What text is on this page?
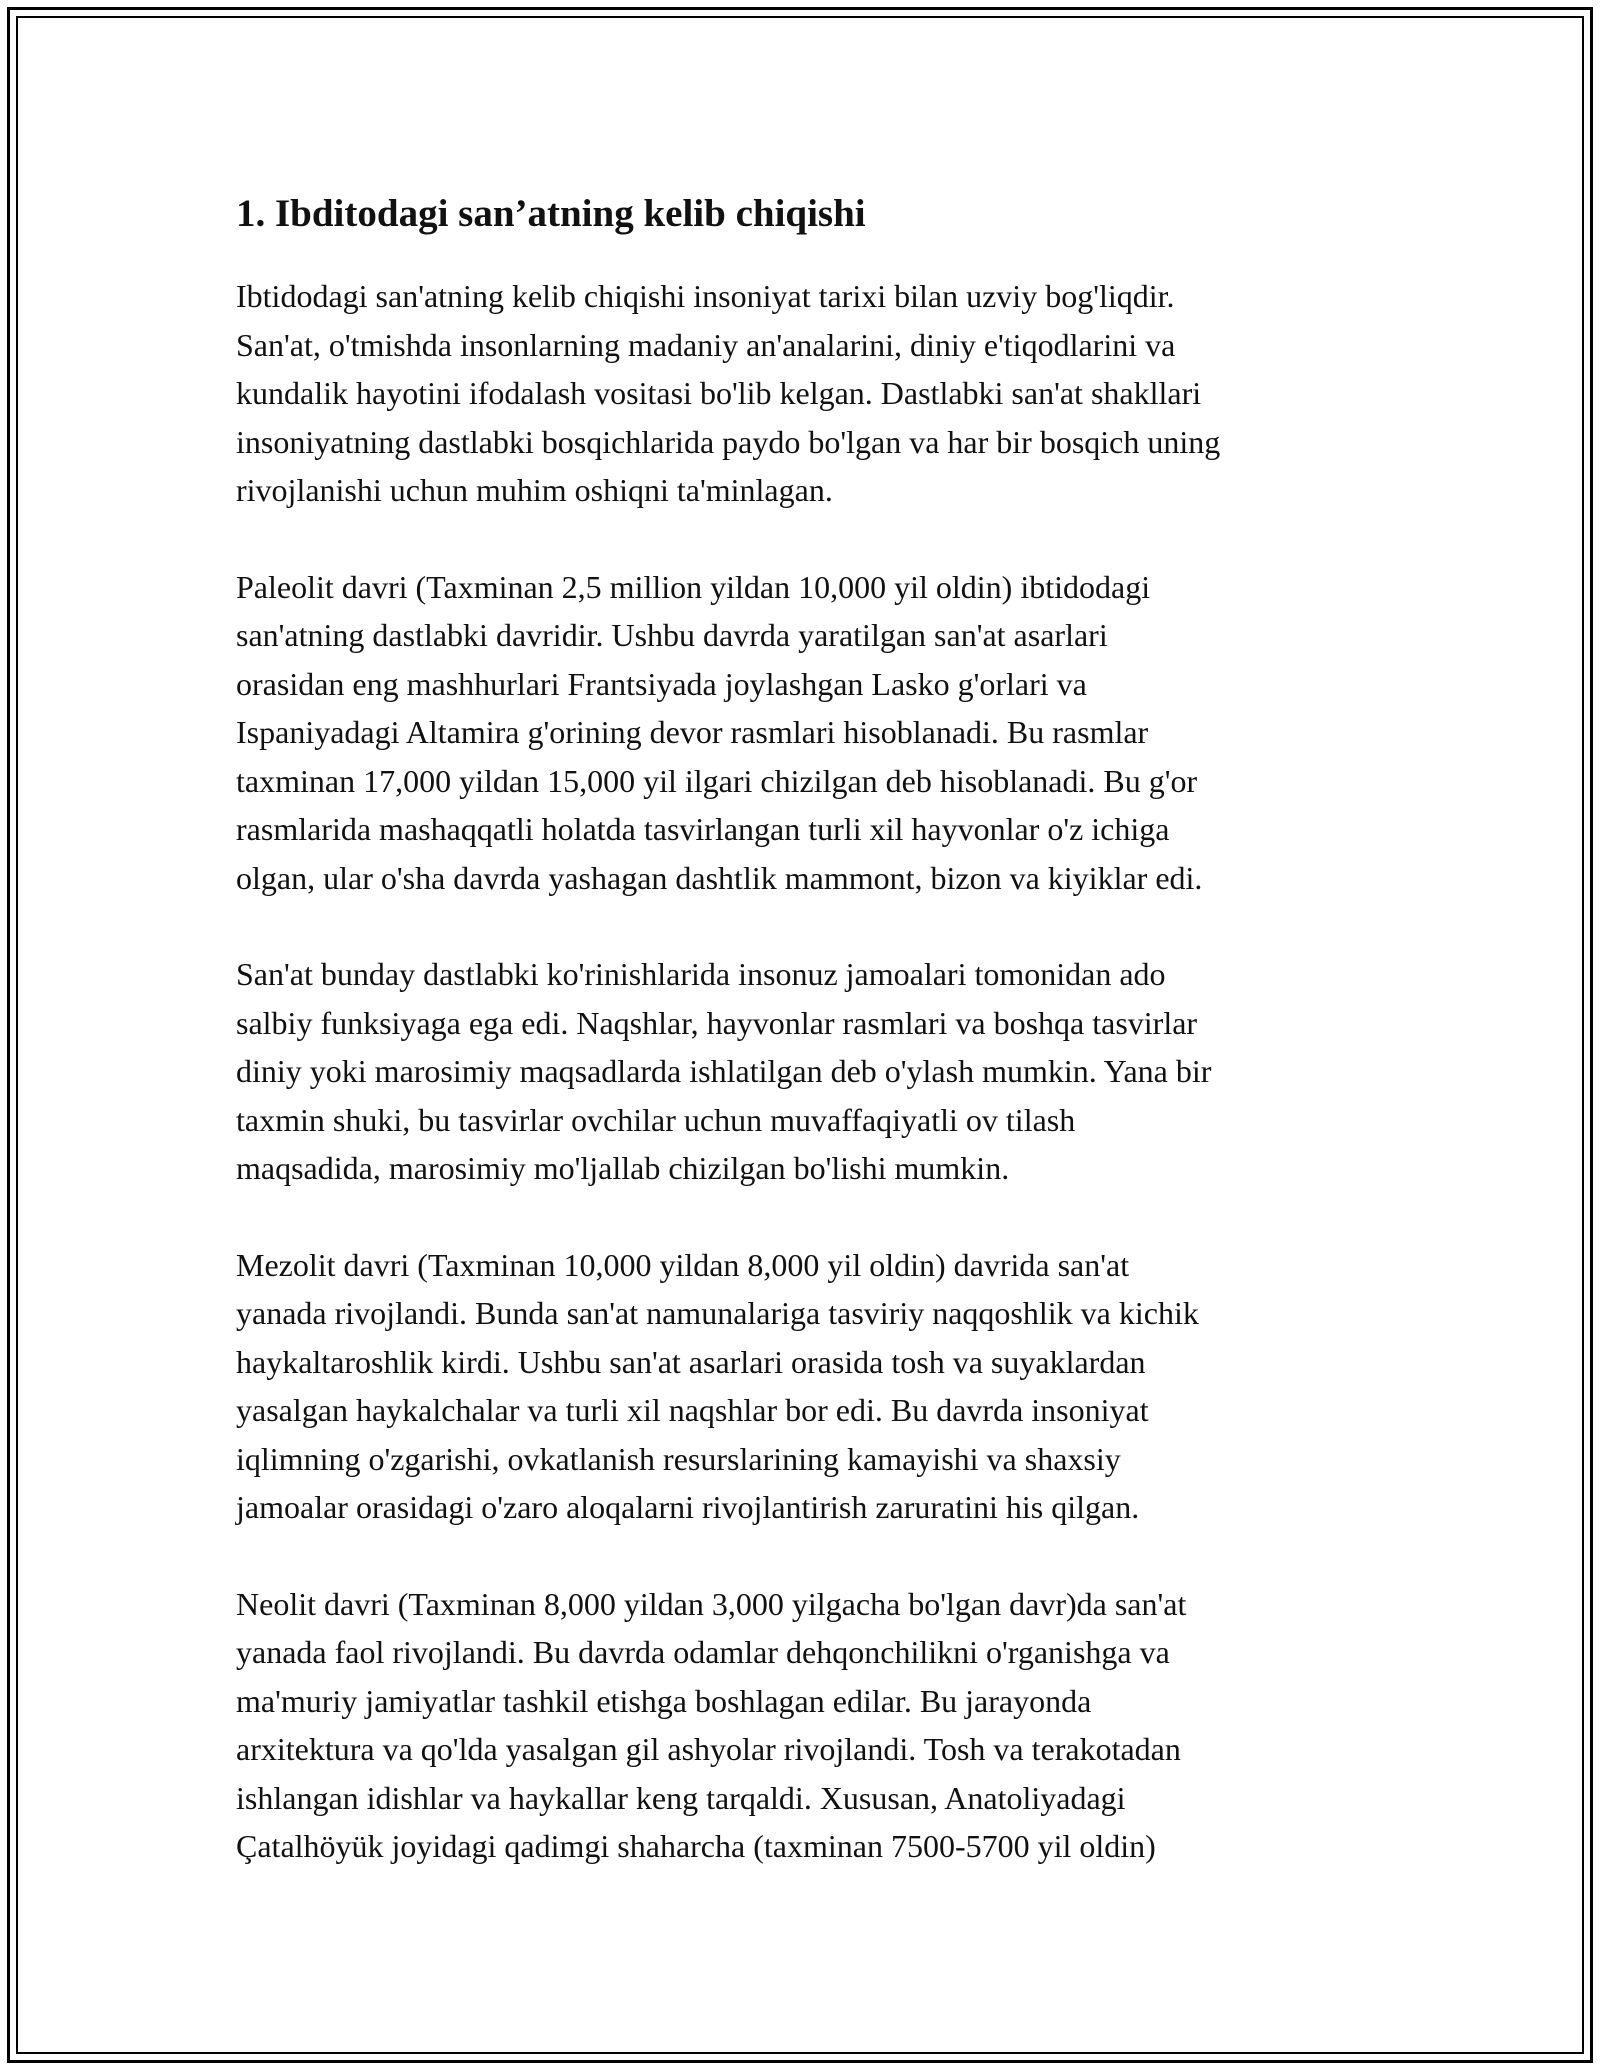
1. Ibditodagi san’atning kelib chiqishi

Ibtidodagi san'atning kelib chiqishi insoniyat tarixi bilan uzviy bog'liqdir.
San'at, o'tmishda insonlarning madaniy an'analarini, diniy e'tiqodlarini va
kundalik hayotini ifodalash vositasi bo'lib kelgan. Dastlabki san'at shakllari
insoniyatning dastlabki bosqichlarida paydo bo'lgan va har bir bosqich uning
rivojlanishi uchun muhim oshiqni ta'minlagan.

Paleolit davri (Taxminan 2,5 million yildan 10,000 yil oldin) ibtidodagi
san'atning dastlabki davridir. Ushbu davrda yaratilgan san'at asarlari
orasidan eng mashhurlari Frantsiyada joylashgan Lasko g'orlari va
Ispaniyadagi Altamira g'orining devor rasmlari hisoblanadi. Bu rasmlar
taxminan 17,000 yildan 15,000 yil ilgari chizilgan deb hisoblanadi. Bu g'or
rasmlarida mashaqqatli holatda tasvirlangan turli xil hayvonlar o'z ichiga
olgan, ular o'sha davrda yashagan dashtlik mammont, bizon va kiyiklar edi.

San'at bunday dastlabki ko'rinishlarida insonuz jamoalari tomonidan ado
salbiy funksiyaga ega edi. Naqshlar, hayvonlar rasmlari va boshqa tasvirlar
diniy yoki marosimiy maqsadlarda ishlatilgan deb o'ylash mumkin. Yana bir
taxmin shuki, bu tasvirlar ovchilar uchun muvaffaqiyatli ov tilash
maqsadida, marosimiy mo'ljallab chizilgan bo'lishi mumkin.

Mezolit davri (Taxminan 10,000 yildan 8,000 yil oldin) davrida san'at
yanada rivojlandi. Bunda san'at namunalariga tasviriy naqqoshlik va kichik
haykaltaroshlik kirdi. Ushbu san'at asarlari orasida tosh va suyaklardan
yasalgan haykalchalar va turli xil naqshlar bor edi. Bu davrda insoniyat
iqlimning o'zgarishi, ovkatlanish resurslarining kamayishi va shaxsiy
jamoalar orasidagi o'zaro aloqalarni rivojlantirish zaruratini his qilgan.

Neolit davri (Taxminan 8,000 yildan 3,000 yilgacha bo'lgan davr)da san'at
yanada faol rivojlandi. Bu davrda odamlar dehqonchilikni o'rganishga va
ma'muriy jamiyatlar tashkil etishga boshlagan edilar. Bu jarayonda
arxitektura va qo'lda yasalgan gil ashyolar rivojlandi. Tosh va terakotadan
ishlangan idishlar va haykallar keng tarqaldi. Xususan, Anatoliyadagi
Çatalhöyük joyidagi qadimgi shaharcha (taxminan 7500-5700 yil oldin)
